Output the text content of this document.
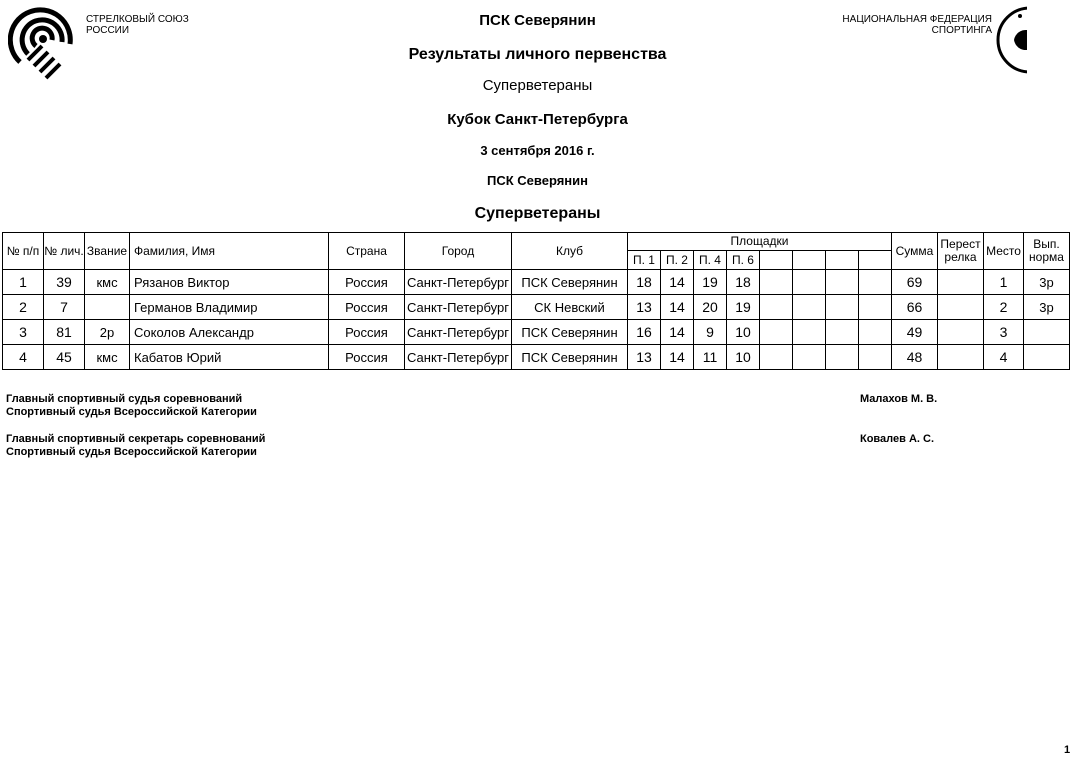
СТРЕЛКОВЫЙ СОЮЗ
РОССИИ
НАЦИОНАЛЬНАЯ ФЕДЕРАЦИЯ
СПОРТИНГА
ПСК Северянин
Результаты личного первенства
Суперветераны
Кубок Санкт-Петербурга
3 сентября 2016 г.
ПСК Северянин
Суперветераны
№ п/п	№ лич.	Звание	Фамилия, Имя	Страна	Город	Клуб	Площадки								Сумма	Перест релка	Место	Вып. норма
							П. 1	П. 2	П. 4	П. 6								
1	39	кмс	Рязанов Виктор	Россия	Санкт-Петербург	ПСК Северянин	18	14	19	18					69		1	3р
2	7		Германов Владимир	Россия	Санкт-Петербург	СК Невский	13	14	20	19					66		2	3р
3	81	2р	Соколов Александр	Россия	Санкт-Петербург	ПСК Северянин	16	14	9	10					49		3	
4	45	кмс	Кабатов Юрий	Россия	Санкт-Петербург	ПСК Северянин	13	14	11	10					48		4	
Главный спортивный судья соревнований
Спортивный судья Всероссийской Категории
Малахов М. В.
Главный спортивный секретарь соревнований
Спортивный судья Всероссийской Категории
Ковалев А. С.
1
